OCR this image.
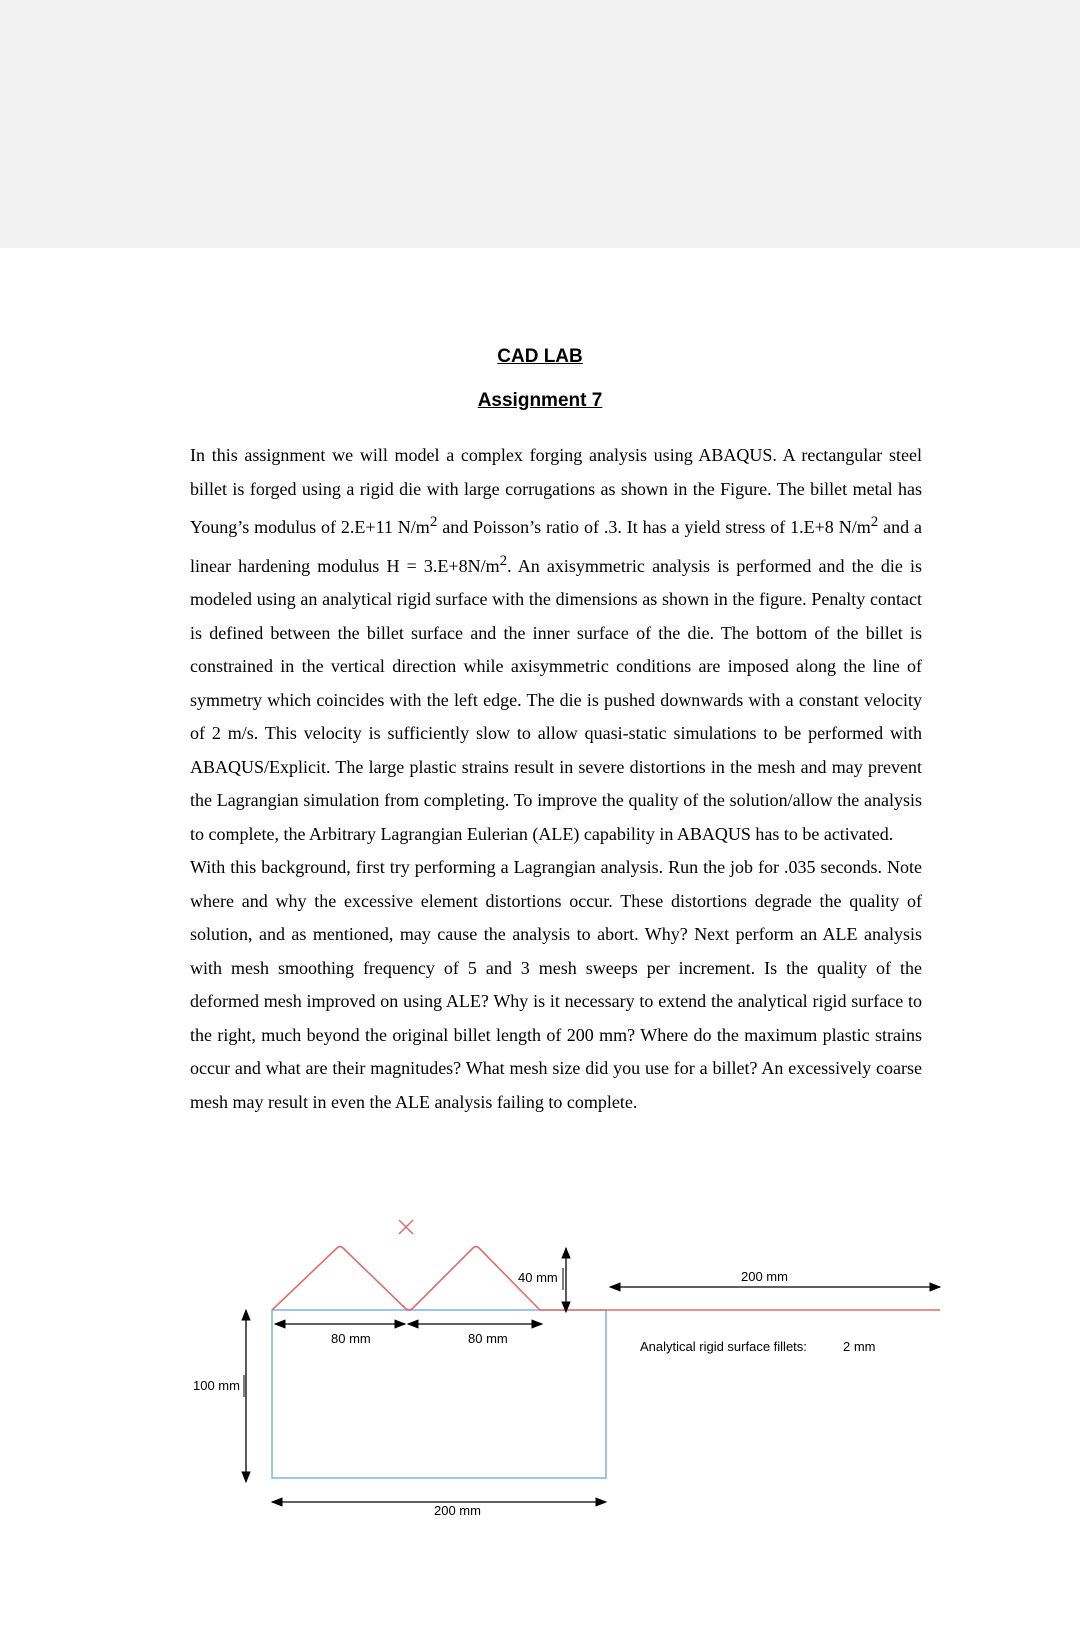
CAD LAB
Assignment 7

In this assignment we will model a complex forging analysis using ABAQUS. A rectangular steel billet is forged using a rigid die with large corrugations as shown in the Figure. The billet metal has Young’s modulus of 2.E+11 $N/m^2$ and Poisson’s ratio of .3. It has a yield stress of 1.E+8 $N/m^2$ and a linear hardening modulus $H = 3.E+8N/m^2$. An axisymmetric analysis is performed and the die is modeled using an analytical rigid surface with the dimensions as shown in the figure. Penalty contact is defined between the billet surface and the inner surface of the die. The bottom of the billet is constrained in the vertical direction while axisymmetric conditions are imposed along the line of symmetry which coincides with the left edge. The die is pushed downwards with a constant velocity of 2 m/s. This velocity is sufficiently slow to allow quasi-static simulations to be performed with ABAQUS/Explicit. The large plastic strains result in severe distortions in the mesh and may prevent the Lagrangian simulation from completing. To improve the quality of the solution/allow the analysis to complete, the Arbitrary Lagrangian Eulerian (ALE) capability in ABAQUS has to be activated.

With this background, first try performing a Lagrangian analysis. Run the job for .035 seconds. Note where and why the excessive element distortions occur. These distortions degrade the quality of solution, and as mentioned, may cause the analysis to abort. Why? Next perform an ALE analysis with mesh smoothing frequency of 5 and 3 mesh sweeps per increment. Is the quality of the deformed mesh improved on using ALE? Why is it necessary to extend the analytical rigid surface to the right, much beyond the original billet length of 200 mm? Where do the maximum plastic strains occur and what are their magnitudes? What mesh size did you use for a billet? An excessively coarse mesh may result in even the ALE analysis failing to complete.

40 mm	200 mm
80 mm	80 mm
Analytical rigid surface fillets:	2 mm
100 mm
200 mm
